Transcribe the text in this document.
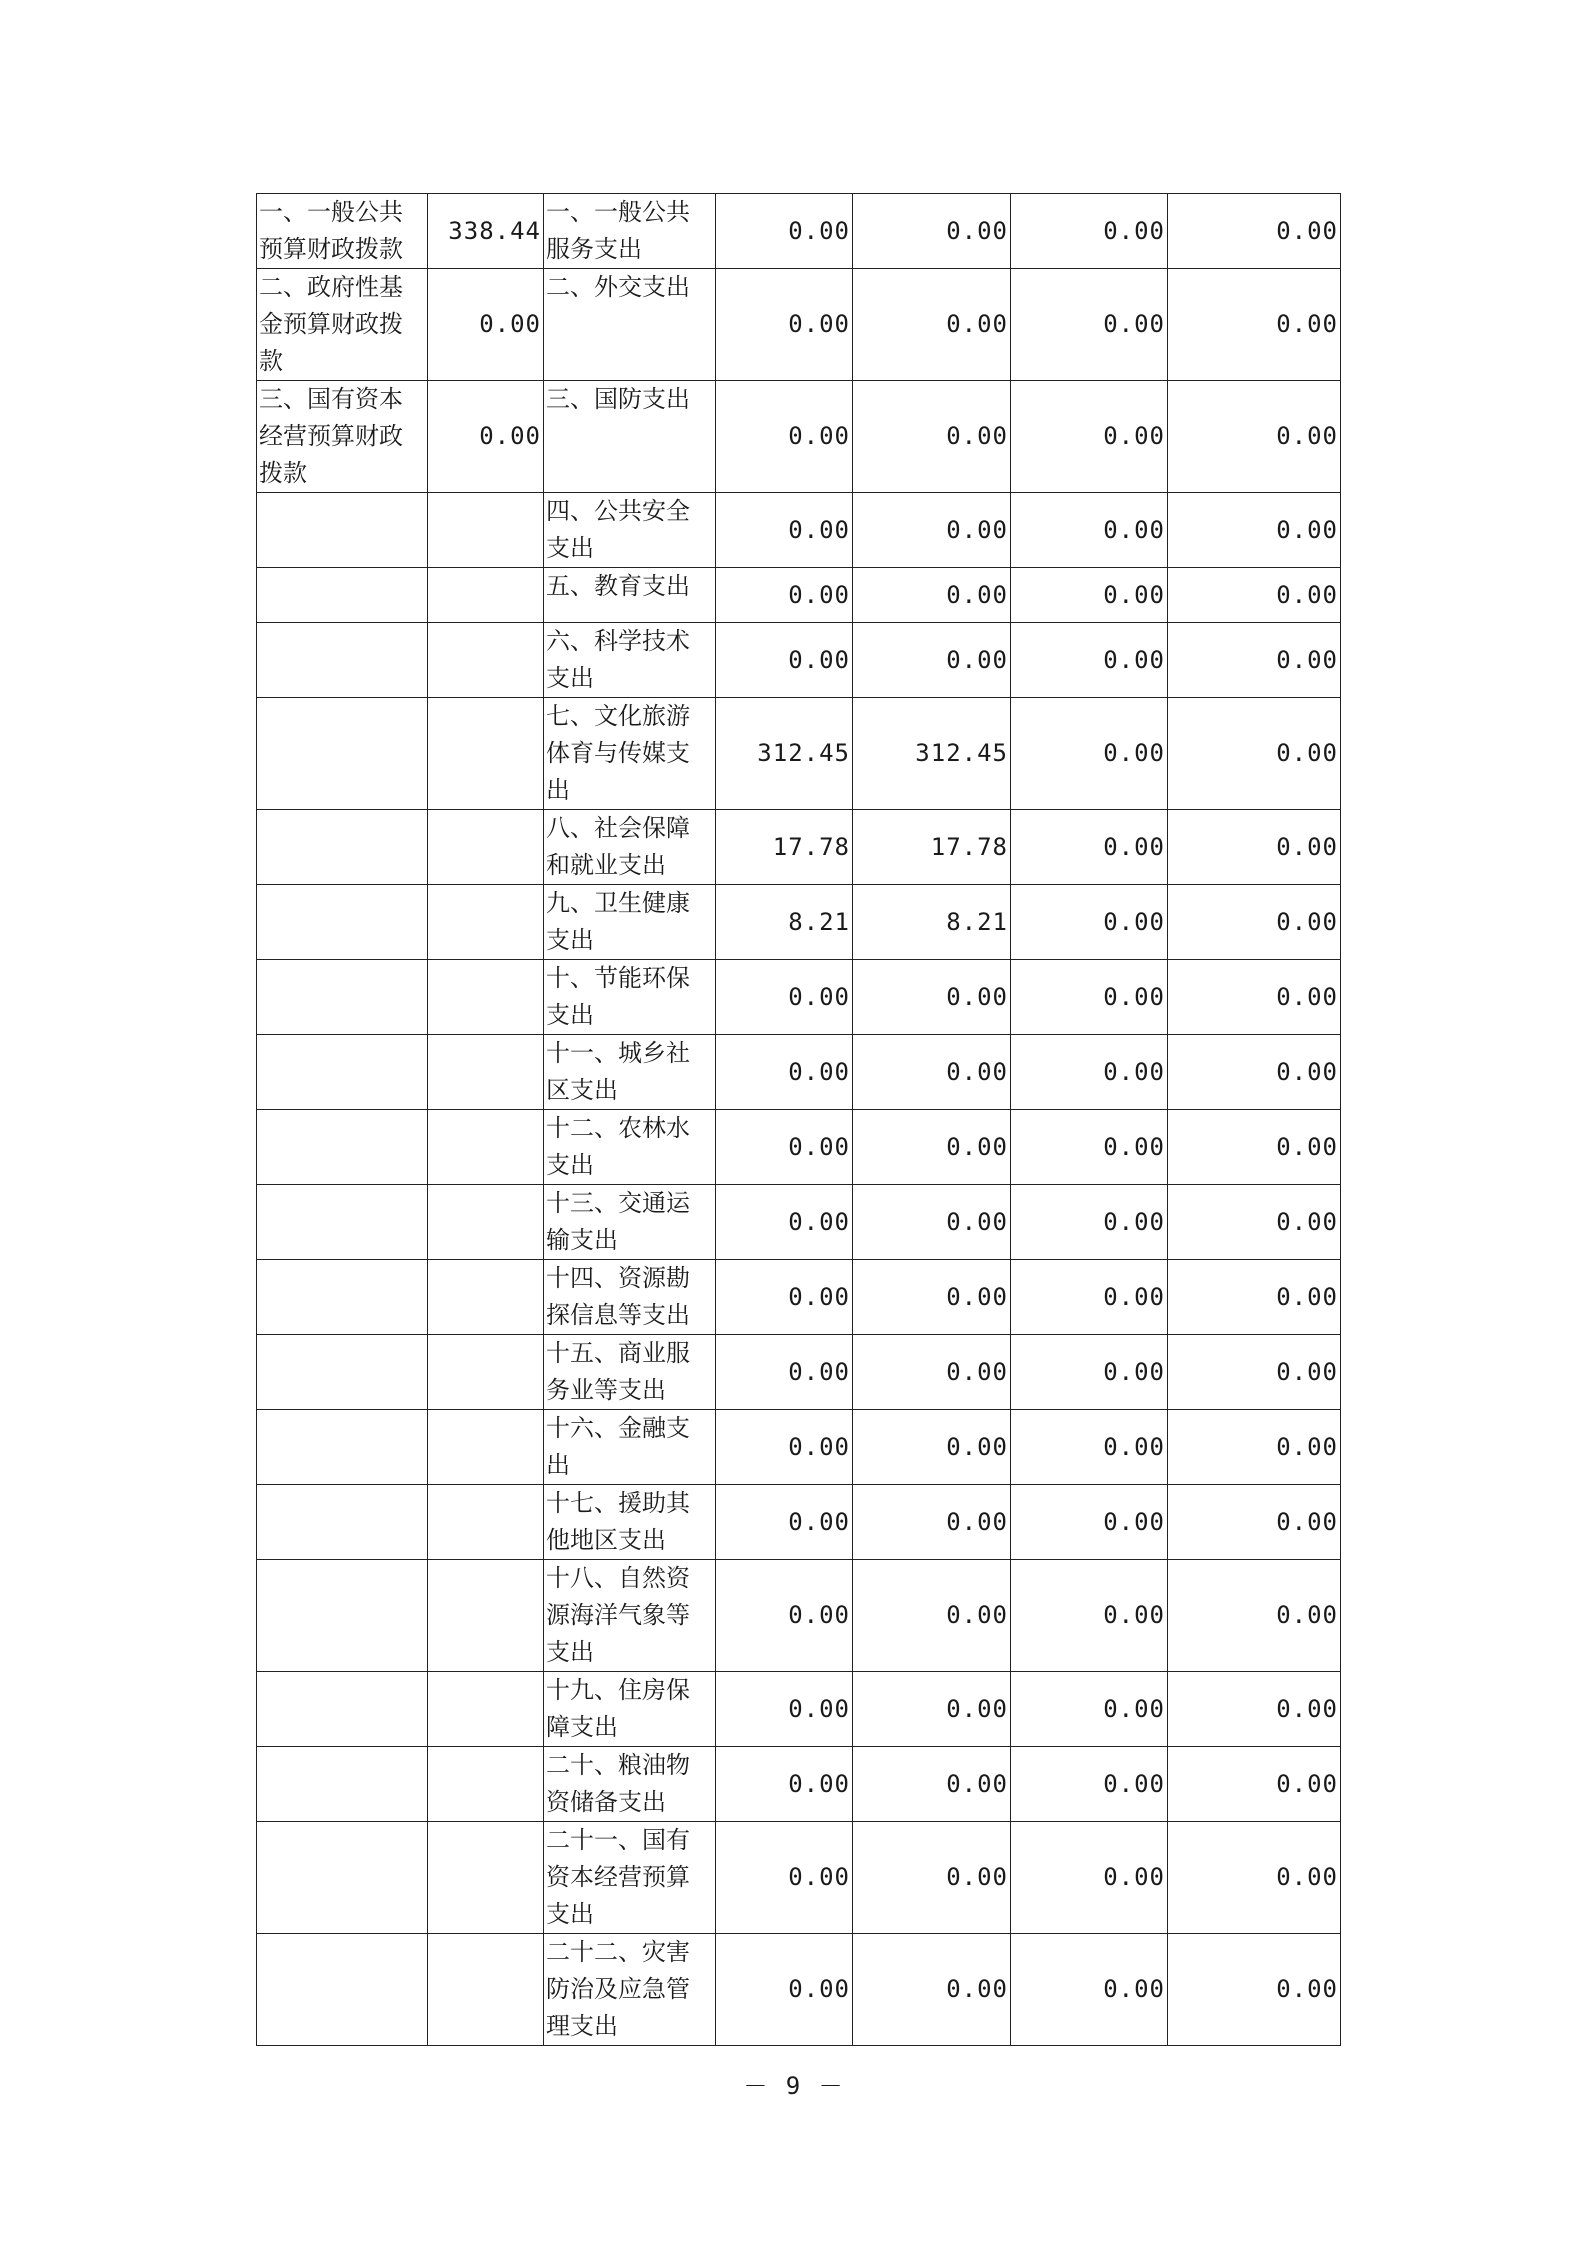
一、一般公共预算财政拨款	338.44	一、一般公共服务支出	0.00	0.00	0.00	0.00
二、政府性基金预算财政拨款	0.00	二、外交支出	0.00	0.00	0.00	0.00
三、国有资本经营预算财政拨款	0.00	三、国防支出	0.00	0.00	0.00	0.00
		四、公共安全支出	0.00	0.00	0.00	0.00
		五、教育支出	0.00	0.00	0.00	0.00
		六、科学技术支出	0.00	0.00	0.00	0.00
		七、文化旅游体育与传媒支出	312.45	312.45	0.00	0.00
		八、社会保障和就业支出	17.78	17.78	0.00	0.00
		九、卫生健康支出	8.21	8.21	0.00	0.00
		十、节能环保支出	0.00	0.00	0.00	0.00
		十一、城乡社区支出	0.00	0.00	0.00	0.00
		十二、农林水支出	0.00	0.00	0.00	0.00
		十三、交通运输支出	0.00	0.00	0.00	0.00
		十四、资源勘探信息等支出	0.00	0.00	0.00	0.00
		十五、商业服务业等支出	0.00	0.00	0.00	0.00
		十六、金融支出	0.00	0.00	0.00	0.00
		十七、援助其他地区支出	0.00	0.00	0.00	0.00
		十八、自然资源海洋气象等支出	0.00	0.00	0.00	0.00
		十九、住房保障支出	0.00	0.00	0.00	0.00
		二十、粮油物资储备支出	0.00	0.00	0.00	0.00
		二十一、国有资本经营预算支出	0.00	0.00	0.00	0.00
		二十二、灾害防治及应急管理支出	0.00	0.00	0.00	0.00
－ 9 －
